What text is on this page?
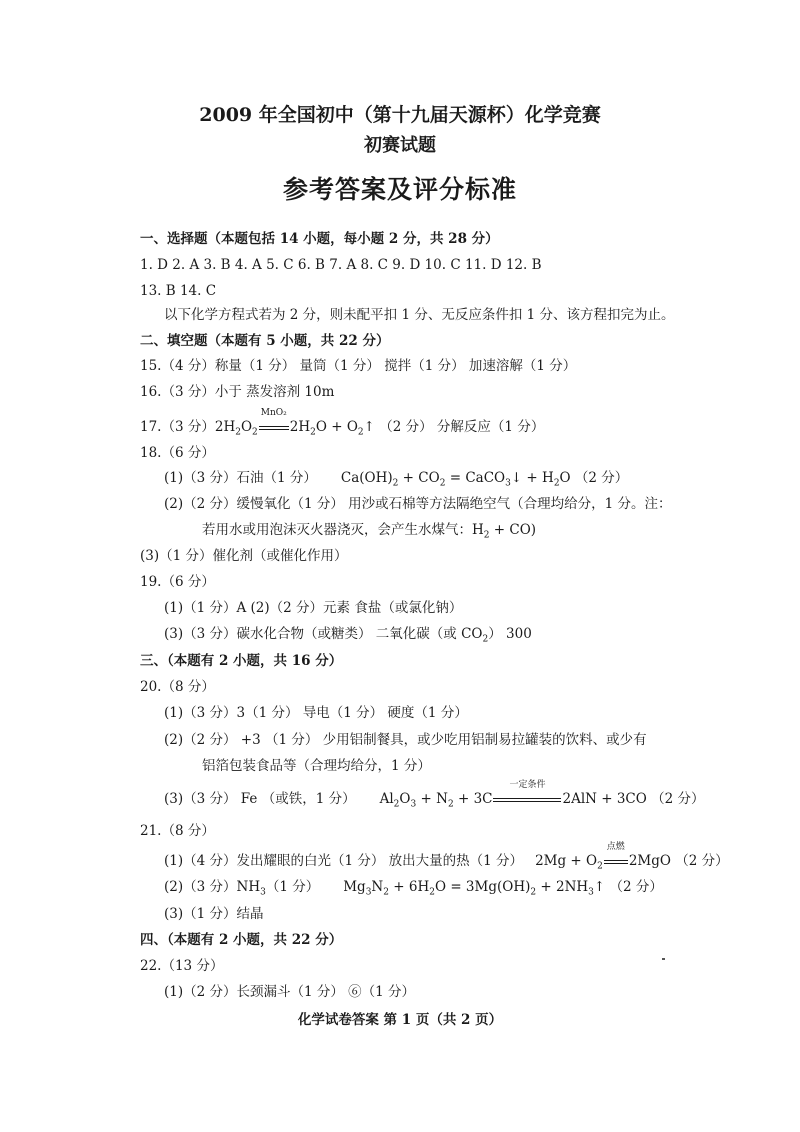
2009 年全国初中（第十九届天源杯）化学竞赛
初赛试题
参考答案及评分标准
一、选择题（本题包括 14 小题，每小题 2 分，共 28 分）
1. D 2. A 3. B 4. A 5. C 6. B 7. A 8. C 9. D 10. C 11. D 12. B
13. B 14. C
以下化学方程式若为 2 分，则未配平扣 1 分、无反应条件扣 1 分、该方程扣完为止。
二、填空题（本题有 5 小题，共 22 分）
15.（4 分）称量（1 分） 量筒（1 分） 搅拌（1 分） 加速溶解（1 分）
16.（3 分）小于 蒸发溶剂 10m
17.（3 分）$2H_2O_2$
MnO₂
$2H_2O$ + $O_2↑$ （2 分） 分解反应（1 分）
18.（6 分）
(1)（3 分）石油（1 分） $Ca(OH)_2 + CO_2$ = CaCO$_3$↓ + $H_2O$ （2 分）
(2)（2 分）缓慢氧化（1 分） 用沙或石棉等方法隔绝空气（合理均给分，1 分。注：
若用水或用泡沫灭火器浇灭，会产生水煤气：$H_2 + CO$)
(3)（1 分）催化剂（或催化作用）
19.（6 分）
(1)（1 分）A (2)（2 分）元素 食盐（或氯化钠）
(3)（3 分）碳水化合物（或糖类） 二氧化碳（或 $CO_2$） 300
三、（本题有 2 小题，共 16 分）
20.（8 分）
(1)（3 分）3（1 分） 导电（1 分） 硬度（1 分）
(2)（2 分） +3 （1 分） 少用铝制餐具，或少吃用铝制易拉罐装的饮料、或少有
铝箔包装食品等（合理均给分，1 分）
(3)（3 分） Fe （或铁，1 分） $Al_2O_3 + N_2 + 3C$
一定条件
2AlN + 3CO （2 分）
21.（8 分）
(1)（4 分）发出耀眼的白光（1 分） 放出大量的热（1 分） $2Mg + O_2$
点燃
2MgO （2 分）
(2)（3 分）$NH_3(1$ 分） $Mg_3N_2 + 6H_2O = 3Mg(OH)_2$ + $2NH_3↑$ （2 分）
(3)（1 分）结晶
四、（本题有 2 小题，共 22 分）
22.（13 分）
(1)（2 分）长颈漏斗（1 分） ⑥（1 分）
化学试卷答案 第 1 页（共 2 页）
